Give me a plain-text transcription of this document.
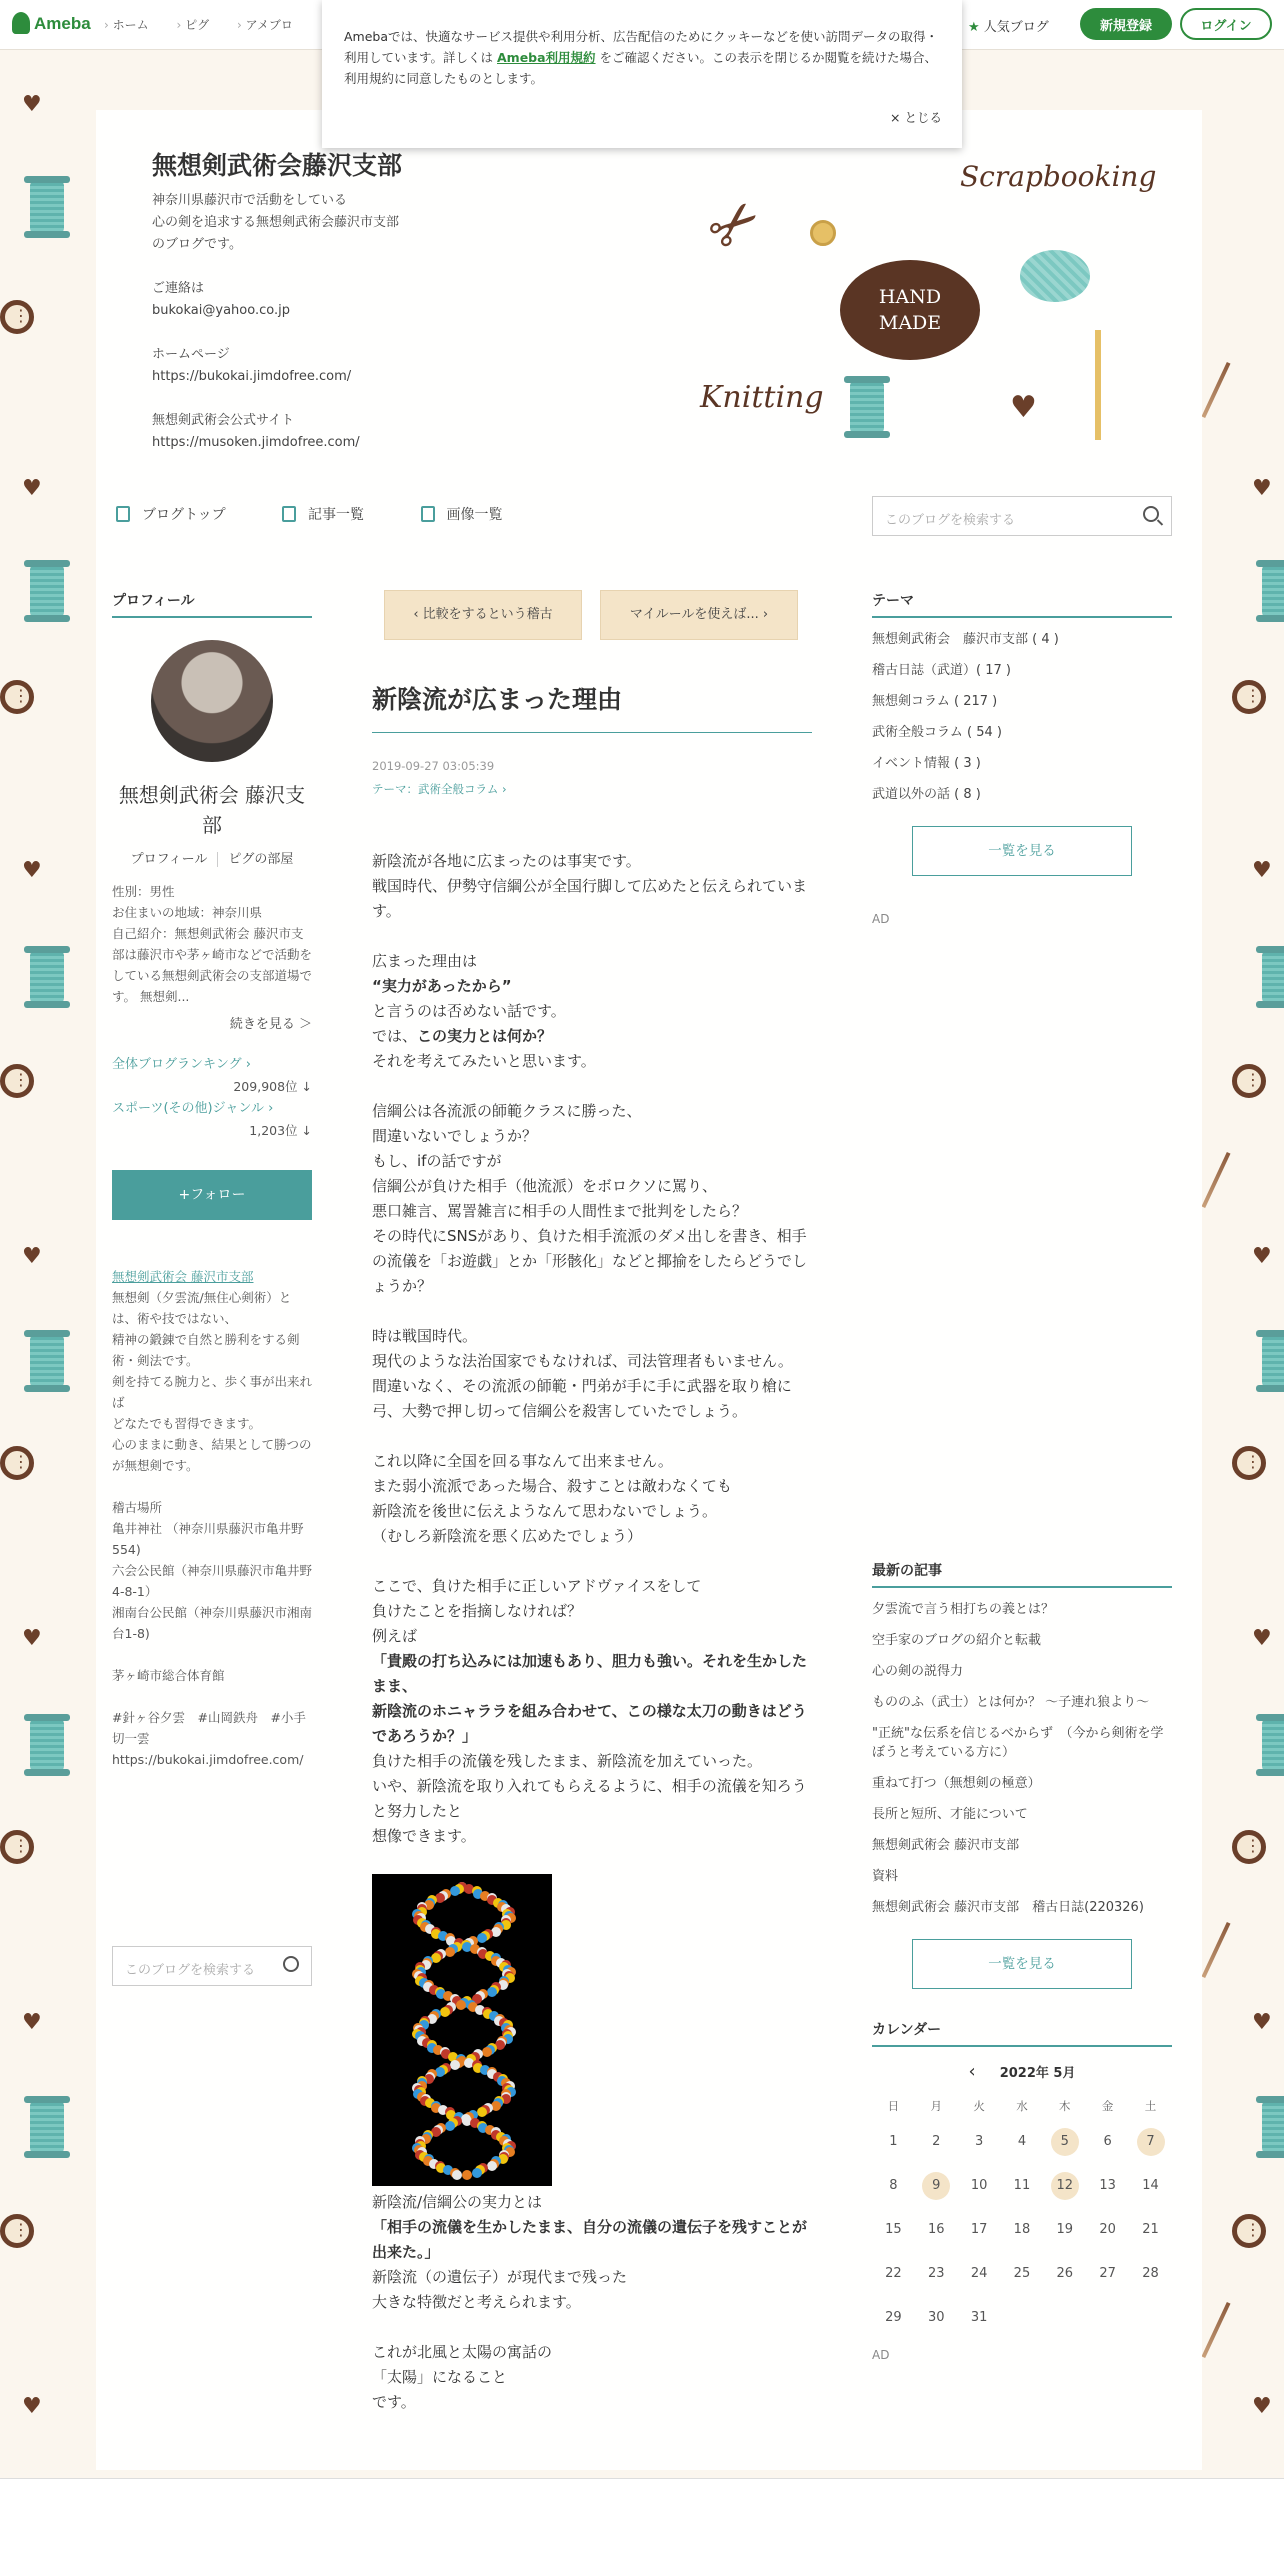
♥
⋮
♥
⋮
♥
⋮
♥
⋮
♥
⋮
♥
⋮
♥
♥
⋮
♥
⋮
♥
⋮
♥
⋮
♥
⋮
♥
Ameba	› ホーム	› ピグ	› アメブロ	★ 人気ブログ	新規登録	ログイン
Amebaでは、快適なサービス提供や利用分析、広告配信のためにクッキーなどを使い訪問データの取得・利用しています。詳しくは Ameba利用規約 をご確認ください。この表示を閉じるか閲覧を続けた場合、利用規約に同意したものとします。
× とじる
無想剣武術会藤沢支部
神奈川県藤沢市で活動をしている
心の剣を追求する無想剣武術会藤沢市支部
のブログです。

ご連絡は
bukokai@yahoo.co.jp

ホームページ
https://bukokai.jimdofree.com/

無想剣武術会公式サイト
https://musoken.jimdofree.com/
Scrapbooking
HAND
MADE
Knitting
✂
♥
ブログトップ	記事一覧	画像一覧	このブログを検索する
プロフィール
無想剣武術会 藤沢支部
プロフィール ピグの部屋
性別：男性
お住まいの地域：神奈川県
自己紹介：無想剣武術会 藤沢市支部は藤沢市や茅ヶ崎市などで活動をしている無想剣武術会の支部道場です。 無想剣...
続きを見る ＞
全体ブログランキング ›
209,908位 ↓
スポーツ(その他)ジャンル ›
1,203位 ↓
+フォロー
無想剣武術会 藤沢市支部
無想剣（夕雲流/無住心剣術）とは、術や技ではない、
精神の鍛錬で自然と勝利をする剣術・剣法です。
剣を持てる腕力と、歩く事が出来れば
どなたでも習得できます。
心のままに動き、結果として勝つのが無想剣です。

稽古場所
亀井神社 （神奈川県藤沢市亀井野554)
六会公民館（神奈川県藤沢市亀井野4-8-1）
湘南台公民館（神奈川県藤沢市湘南台1-8)

茅ヶ崎市総合体育館

#針ヶ谷夕雲　#山岡鉄舟　#小手切一雲
https://bukokai.jimdofree.com/
このブログを検索する
‹ 比較をするという稽古	マイルールを使えば... ›
新陰流が広まった理由
2019-09-27 03:05:39
テーマ：武術全般コラム ›

新陰流が各地に広まったのは事実です。
戦国時代、伊勢守信綱公が全国行脚して広めたと伝えられています。

広まった理由は
“実力があったから”
と言うのは否めない話です。
では、この実力とは何か？
それを考えてみたいと思います。

信綱公は各流派の師範クラスに勝った、
間違いないでしょうか？
もし、ifの話ですが
信綱公が負けた相手（他流派）をボロクソに罵り、
悪口雑言、罵詈雑言に相手の人間性まで批判をしたら？
その時代にSNSがあり、負けた相手流派のダメ出しを書き、相手の流儀を「お遊戯」とか「形骸化」などと揶揄をしたらどうでしょうか？

時は戦国時代。
現代のような法治国家でもなければ、司法管理者もいません。
間違いなく、その流派の師範・門弟が手に手に武器を取り槍に弓、大勢で押し切って信綱公を殺害していたでしょう。

これ以降に全国を回る事なんて出来ません。
また弱小流派であった場合、殺すことは敵わなくても
新陰流を後世に伝えようなんて思わないでしょう。
（むしろ新陰流を悪く広めたでしょう）

ここで、負けた相手に正しいアドヴァイスをして
負けたことを指摘しなければ？
例えば
「貴殿の打ち込みには加速もあり、胆力も強い。それを生かしたまま、
新陰流のホニャララを組み合わせて、この様な太刀の動きはどうであろうか？」
負けた相手の流儀を残したまま、新陰流を加えていった。
いや、新陰流を取り入れてもらえるように、相手の流儀を知ろうと努力したと
想像できます。

新陰流/信綱公の実力とは
「相手の流儀を生かしたまま、自分の流儀の遺伝子を残すことが出来た。」
新陰流（の遺伝子）が現代まで残った
大きな特徴だと考えられます。

これが北風と太陽の寓話の
「太陽」になること
です。

テーマ
無想剣武術会　藤沢市支部 ( 4 )
稽古日誌（武道）( 17 )
無想剣コラム ( 217 )
武術全般コラム ( 54 )
イベント情報 ( 3 )
武道以外の話 ( 8 )
一覧を見る
AD
最新の記事
夕雲流で言う相打ちの義とは？
空手家のブログの紹介と転載
心の剣の説得力
もののふ（武士）とは何か？ ～子連れ狼より～
"正統"な伝系を信じるべからず　（今から剣術を学ぼうと考えている方に）
重ねて打つ（無想剣の極意）
長所と短所、才能について
無想剣武術会 藤沢市支部
資料
無想剣武術会 藤沢市支部　稽古日誌(220326)
一覧を見る
カレンダー
‹ 2022年 5月
日	月	火	水	木	金	土
1	2	3	4	5	6	7
8	9	10	11	12	13	14
15	16	17	18	19	20	21
22	23	24	25	26	27	28
29	30	31				
AD
